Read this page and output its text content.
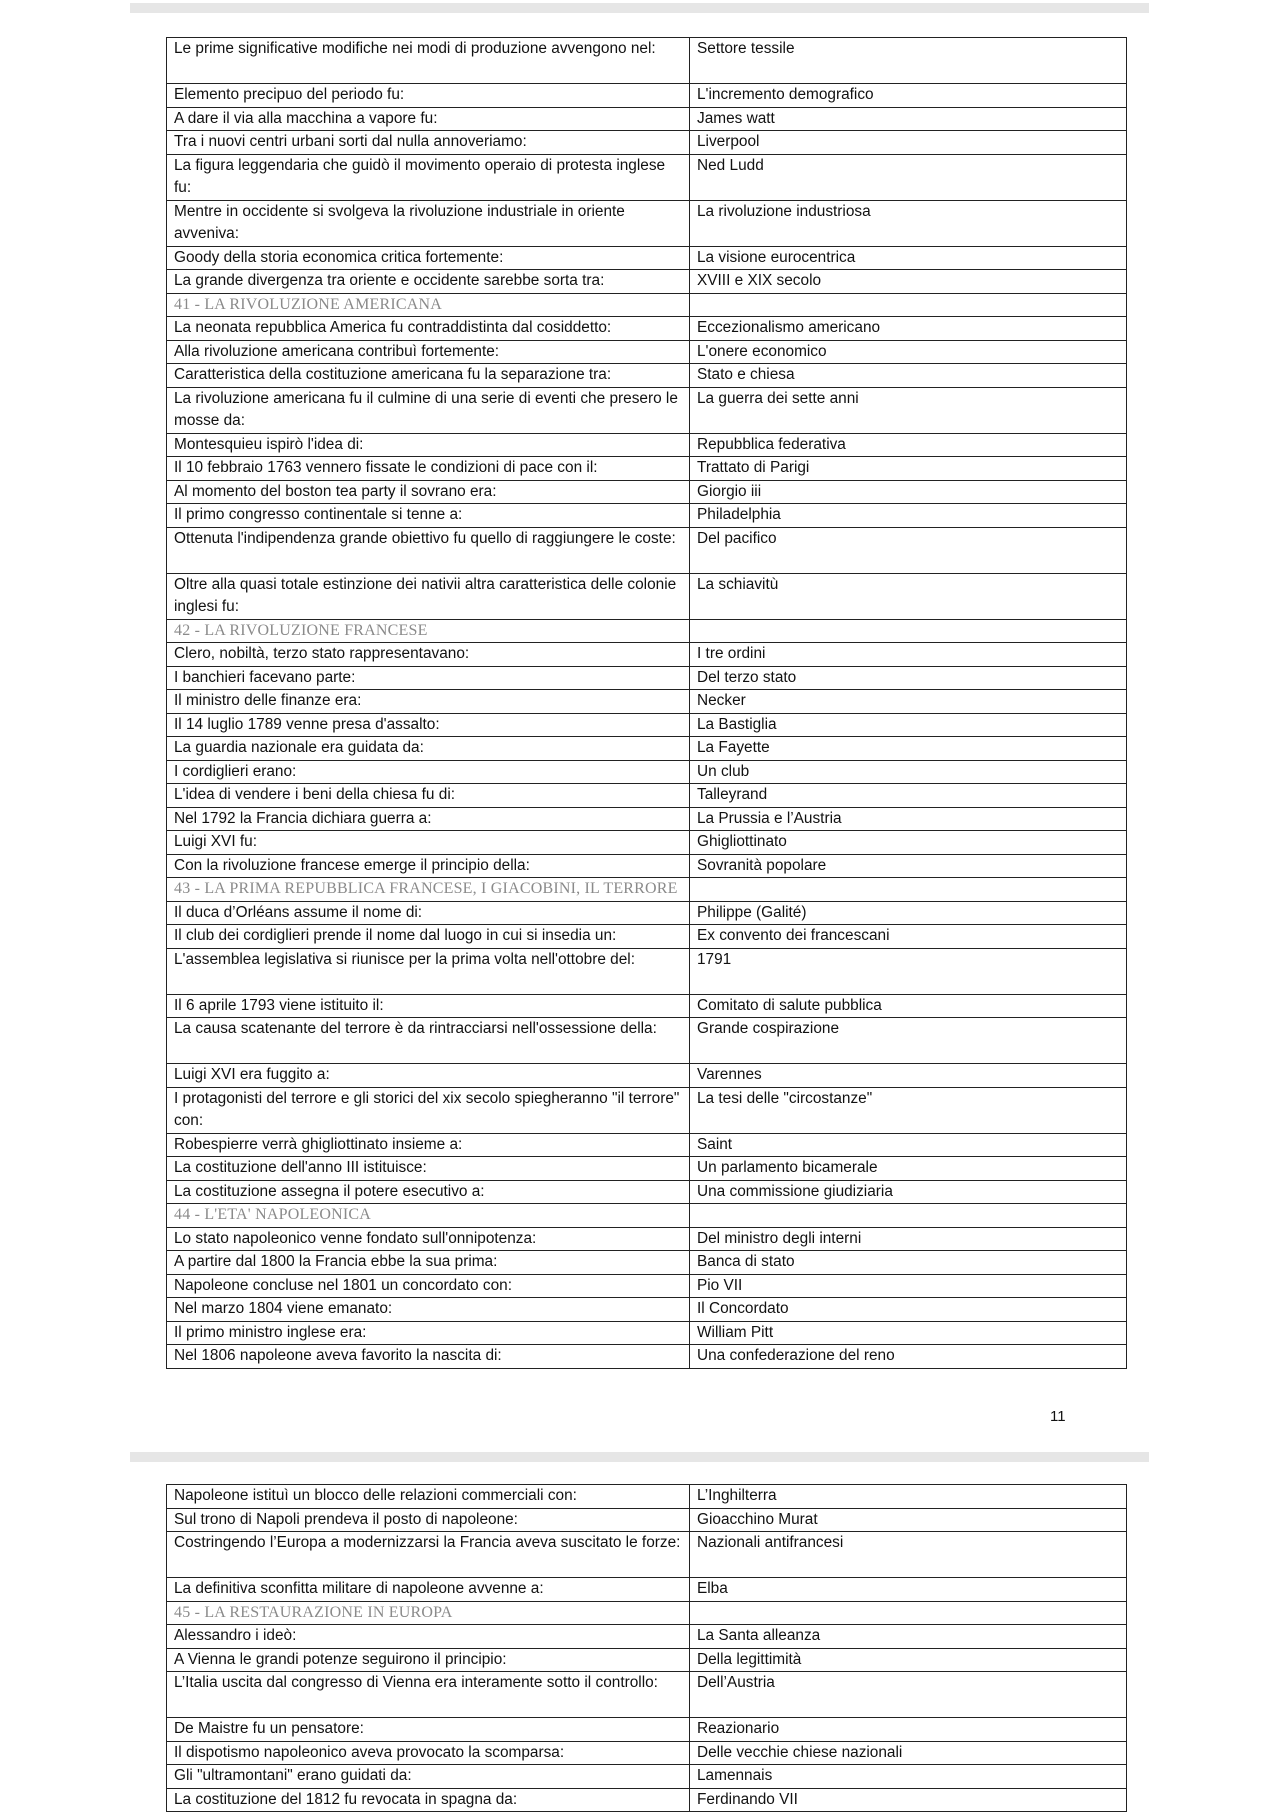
Le prime significative modifiche nei modi di produzione avvengono nel:	Settore tessile
Elemento precipuo del periodo fu:	L'incremento demografico
A dare il via alla macchina a vapore fu:	James watt
Tra i nuovi centri urbani sorti dal nulla annoveriamo:	Liverpool
La figura leggendaria che guidò il movimento operaio di protesta inglese fu:	Ned Ludd
Mentre in occidente si svolgeva la rivoluzione industriale in oriente avveniva:	La rivoluzione industriosa
Goody della storia economica critica fortemente:	La visione eurocentrica
La grande divergenza tra oriente e occidente sarebbe sorta tra:	XVIII e XIX secolo
41 - LA RIVOLUZIONE AMERICANA	
La neonata repubblica America fu contraddistinta dal cosiddetto:	Eccezionalismo americano
Alla rivoluzione americana contribuì fortemente:	L'onere economico
Caratteristica della costituzione americana fu la separazione tra:	Stato e chiesa
La rivoluzione americana fu il culmine di una serie di eventi che presero le mosse da:	La guerra dei sette anni
Montesquieu ispirò l'idea di:	Repubblica federativa
Il 10 febbraio 1763 vennero fissate le condizioni di pace con il:	Trattato di Parigi
Al momento del boston tea party il sovrano era:	Giorgio iii
Il primo congresso continentale si tenne a:	Philadelphia
Ottenuta l'indipendenza grande obiettivo fu quello di raggiungere le coste:	Del pacifico
Oltre alla quasi totale estinzione dei nativii altra caratteristica delle colonie inglesi fu:	La schiavitù
42 - LA RIVOLUZIONE FRANCESE	
Clero, nobiltà, terzo stato rappresentavano:	I tre ordini
I banchieri facevano parte:	Del terzo stato
Il ministro delle finanze era:	Necker
Il 14 luglio 1789 venne presa d'assalto:	La Bastiglia
La guardia nazionale era guidata da:	La Fayette
I cordiglieri erano:	Un club
L'idea di vendere i beni della chiesa fu di:	Talleyrand
Nel 1792 la Francia dichiara guerra a:	La Prussia e l’Austria
Luigi XVI fu:	Ghigliottinato
Con la rivoluzione francese emerge il principio della:	Sovranità popolare
43 - LA PRIMA REPUBBLICA FRANCESE, I GIACOBINI, IL TERRORE	
Il duca d’Orléans assume il nome di:	Philippe (Galité)
Il club dei cordiglieri prende il nome dal luogo in cui si insedia un:	Ex convento dei francescani
L'assemblea legislativa si riunisce per la prima volta nell'ottobre del:	1791
Il 6 aprile 1793 viene istituito il:	Comitato di salute pubblica
La causa scatenante del terrore è da rintracciarsi nell'ossessione della:	Grande cospirazione
Luigi XVI era fuggito a:	Varennes
I protagonisti del terrore e gli storici del xix secolo spiegheranno "il terrore" con:	La tesi delle "circostanze"
Robespierre verrà ghigliottinato insieme a:	Saint
La costituzione dell'anno III istituisce:	Un parlamento bicamerale
La costituzione assegna il potere esecutivo a:	Una commissione giudiziaria
44 - L'ETA' NAPOLEONICA	
Lo stato napoleonico venne fondato sull'onnipotenza:	Del ministro degli interni
A partire dal 1800 la Francia ebbe la sua prima:	Banca di stato
Napoleone concluse nel 1801 un concordato con:	Pio VII
Nel marzo 1804 viene emanato:	Il Concordato
Il primo ministro inglese era:	William Pitt
Nel 1806 napoleone aveva favorito la nascita di:	Una confederazione del reno
11
Napoleone istituì un blocco delle relazioni commerciali con:	L’Inghilterra
Sul trono di Napoli prendeva il posto di napoleone:	Gioacchino Murat
Costringendo l’Europa a modernizzarsi la Francia aveva suscitato le forze:	Nazionali antifrancesi
La definitiva sconfitta militare di napoleone avvenne a:	Elba
45 - LA RESTAURAZIONE IN EUROPA	
Alessandro i ideò:	La Santa alleanza
A Vienna le grandi potenze seguirono il principio:	Della legittimità
L’Italia uscita dal congresso di Vienna era interamente sotto il controllo:	Dell’Austria
De Maistre fu un pensatore:	Reazionario
Il dispotismo napoleonico aveva provocato la scomparsa:	Delle vecchie chiese nazionali
Gli "ultramontani" erano guidati da:	Lamennais
La costituzione del 1812 fu revocata in spagna da:	Ferdinando VII
